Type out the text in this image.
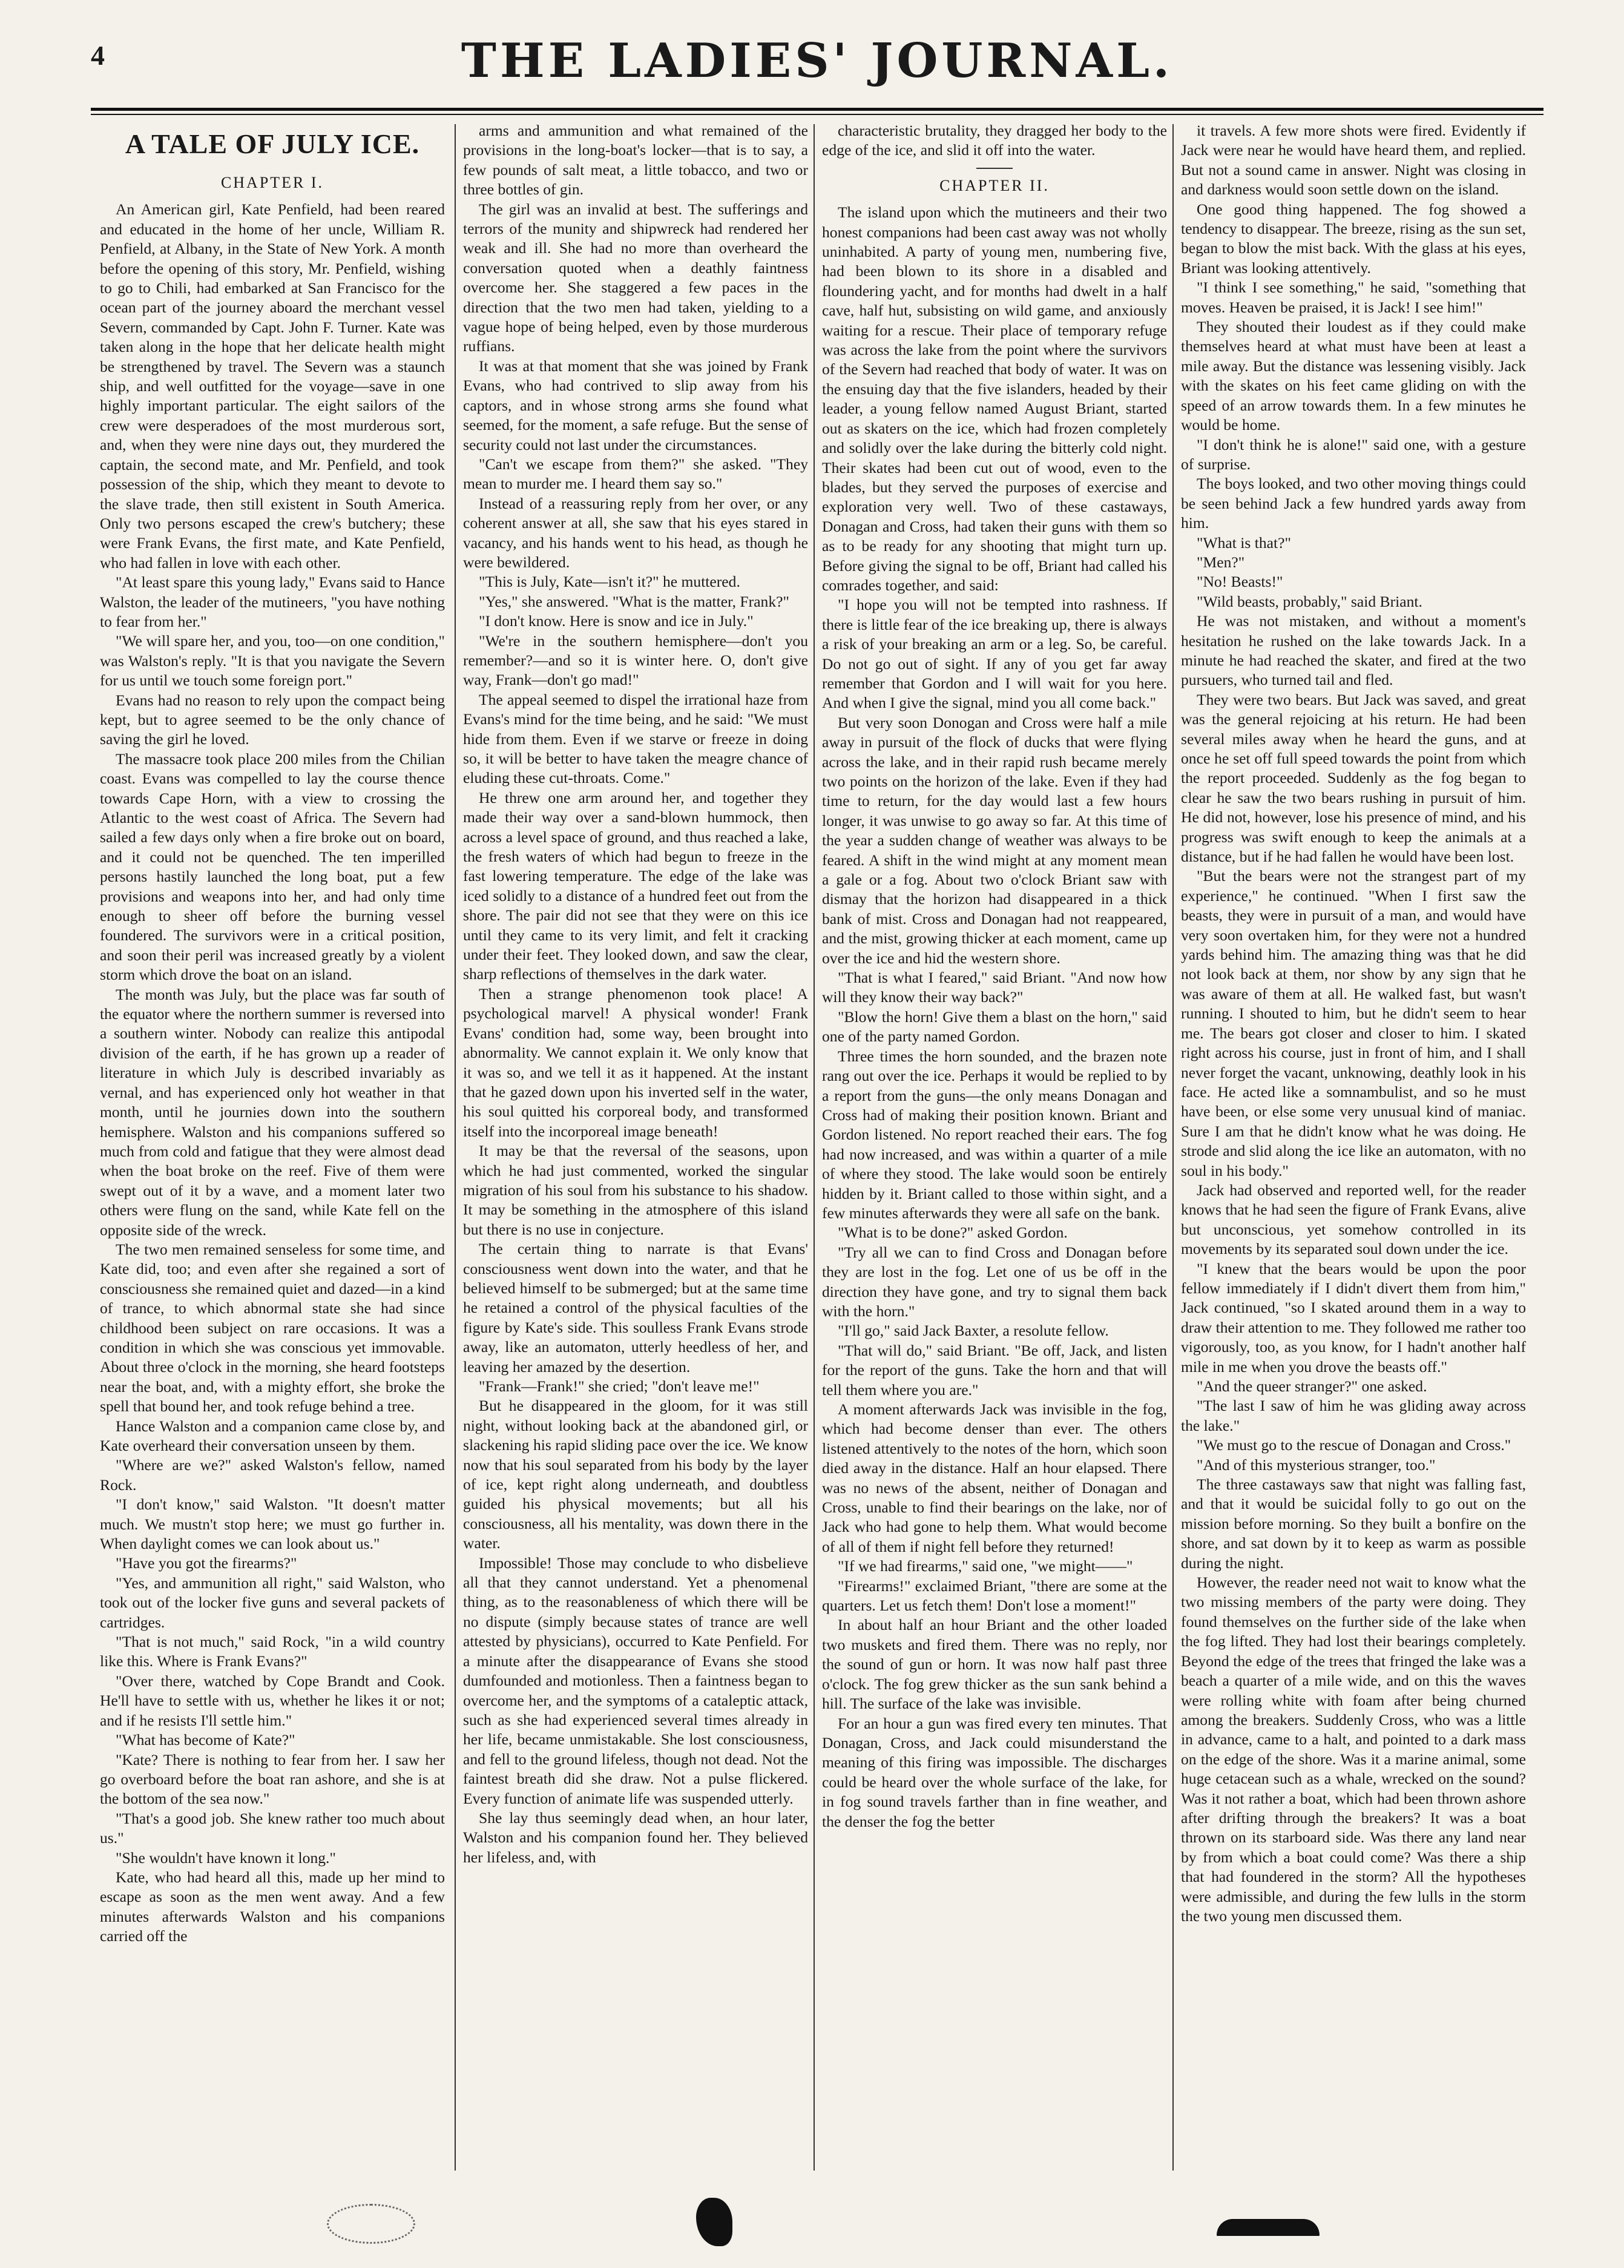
4	THE LADIES' JOURNAL.
A TALE OF JULY ICE.
CHAPTER I.

An American girl, Kate Penfield, had been reared and educated in the home of her uncle, William R. Penfield, at Albany, in the State of New York. A month before the opening of this story, Mr. Penfield, wishing to go to Chili, had embarked at San Francisco for the ocean part of the journey aboard the merchant vessel Severn, commanded by Capt. John F. Turner. Kate was taken along in the hope that her delicate health might be strengthened by travel. The Severn was a staunch ship, and well outfitted for the voyage—save in one highly important particular. The eight sailors of the crew were desperadoes of the most murderous sort, and, when they were nine days out, they murdered the captain, the second mate, and Mr. Penfield, and took possession of the ship, which they meant to devote to the slave trade, then still existent in South America. Only two persons escaped the crew's butchery; these were Frank Evans, the first mate, and Kate Penfield, who had fallen in love with each other.

"At least spare this young lady," Evans said to Hance Walston, the leader of the mutineers, "you have nothing to fear from her."

"We will spare her, and you, too—on one condition," was Walston's reply. "It is that you navigate the Severn for us until we touch some foreign port."

Evans had no reason to rely upon the compact being kept, but to agree seemed to be the only chance of saving the girl he loved.

The massacre took place 200 miles from the Chilian coast. Evans was compelled to lay the course thence towards Cape Horn, with a view to crossing the Atlantic to the west coast of Africa. The Severn had sailed a few days only when a fire broke out on board, and it could not be quenched. The ten imperilled persons hastily launched the long boat, put a few provisions and weapons into her, and had only time enough to sheer off before the burning vessel foundered. The survivors were in a critical position, and soon their peril was increased greatly by a violent storm which drove the boat on an island.

The month was July, but the place was far south of the equator where the northern summer is reversed into a southern winter. Nobody can realize this antipodal division of the earth, if he has grown up a reader of literature in which July is described invariably as vernal, and has experienced only hot weather in that month, until he journies down into the southern hemisphere. Walston and his companions suffered so much from cold and fatigue that they were almost dead when the boat broke on the reef. Five of them were swept out of it by a wave, and a moment later two others were flung on the sand, while Kate fell on the opposite side of the wreck.

The two men remained senseless for some time, and Kate did, too; and even after she regained a sort of consciousness she remained quiet and dazed—in a kind of trance, to which abnormal state she had since childhood been subject on rare occasions. It was a condition in which she was conscious yet immovable. About three o'clock in the morning, she heard footsteps near the boat, and, with a mighty effort, she broke the spell that bound her, and took refuge behind a tree.

Hance Walston and a companion came close by, and Kate overheard their conversation unseen by them.

"Where are we?" asked Walston's fellow, named Rock.

"I don't know," said Walston. "It doesn't matter much. We mustn't stop here; we must go further in. When daylight comes we can look about us."

"Have you got the firearms?"

"Yes, and ammunition all right," said Walston, who took out of the locker five guns and several packets of cartridges.

"That is not much," said Rock, "in a wild country like this. Where is Frank Evans?"

"Over there, watched by Cope Brandt and Cook. He'll have to settle with us, whether he likes it or not; and if he resists I'll settle him."

"What has become of Kate?"

"Kate? There is nothing to fear from her. I saw her go overboard before the boat ran ashore, and she is at the bottom of the sea now."

"That's a good job. She knew rather too much about us."

"She wouldn't have known it long."

Kate, who had heard all this, made up her mind to escape as soon as the men went away. And a few minutes afterwards Walston and his companions carried off the

arms and ammunition and what remained of the provisions in the long-boat's locker—that is to say, a few pounds of salt meat, a little tobacco, and two or three bottles of gin.

The girl was an invalid at best. The sufferings and terrors of the munity and shipwreck had rendered her weak and ill. She had no more than overheard the conversation quoted when a deathly faintness overcome her. She staggered a few paces in the direction that the two men had taken, yielding to a vague hope of being helped, even by those murderous ruffians.

It was at that moment that she was joined by Frank Evans, who had contrived to slip away from his captors, and in whose strong arms she found what seemed, for the moment, a safe refuge. But the sense of security could not last under the circumstances.

"Can't we escape from them?" she asked. "They mean to murder me. I heard them say so."

Instead of a reassuring reply from her over, or any coherent answer at all, she saw that his eyes stared in vacancy, and his hands went to his head, as though he were bewildered.

"This is July, Kate—isn't it?" he muttered.

"Yes," she answered. "What is the matter, Frank?"

"I don't know. Here is snow and ice in July."

"We're in the southern hemisphere—don't you remember?—and so it is winter here. O, don't give way, Frank—don't go mad!"

The appeal seemed to dispel the irrational haze from Evans's mind for the time being, and he said: "We must hide from them. Even if we starve or freeze in doing so, it will be better to have taken the meagre chance of eluding these cut-throats. Come."

He threw one arm around her, and together they made their way over a sand-blown hummock, then across a level space of ground, and thus reached a lake, the fresh waters of which had begun to freeze in the fast lowering temperature. The edge of the lake was iced solidly to a distance of a hundred feet out from the shore. The pair did not see that they were on this ice until they came to its very limit, and felt it cracking under their feet. They looked down, and saw the clear, sharp reflections of themselves in the dark water.

Then a strange phenomenon took place! A psychological marvel! A physical wonder! Frank Evans' condition had, some way, been brought into abnormality. We cannot explain it. We only know that it was so, and we tell it as it happened. At the instant that he gazed down upon his inverted self in the water, his soul quitted his corporeal body, and transformed itself into the incorporeal image beneath!

It may be that the reversal of the seasons, upon which he had just commented, worked the singular migration of his soul from his substance to his shadow. It may be something in the atmosphere of this island but there is no use in conjecture.

The certain thing to narrate is that Evans' consciousness went down into the water, and that he believed himself to be submerged; but at the same time he retained a control of the physical faculties of the figure by Kate's side. This soulless Frank Evans strode away, like an automaton, utterly heedless of her, and leaving her amazed by the desertion.

"Frank—Frank!" she cried; "don't leave me!"

But he disappeared in the gloom, for it was still night, without looking back at the abandoned girl, or slackening his rapid sliding pace over the ice. We know now that his soul separated from his body by the layer of ice, kept right along underneath, and doubtless guided his physical movements; but all his consciousness, all his mentality, was down there in the water.

Impossible! Those may conclude to who disbelieve all that they cannot understand. Yet a phenomenal thing, as to the reasonableness of which there will be no dispute (simply because states of trance are well attested by physicians), occurred to Kate Penfield. For a minute after the disappearance of Evans she stood dumfounded and motionless. Then a faintness began to overcome her, and the symptoms of a cataleptic attack, such as she had experienced several times already in her life, became unmistakable. She lost consciousness, and fell to the ground lifeless, though not dead. Not the faintest breath did she draw. Not a pulse flickered. Every function of animate life was suspended utterly.

She lay thus seemingly dead when, an hour later, Walston and his companion found her. They believed her lifeless, and, with

characteristic brutality, they dragged her body to the edge of the ice, and slid it off into the water.

CHAPTER II.

The island upon which the mutineers and their two honest companions had been cast away was not wholly uninhabited. A party of young men, numbering five, had been blown to its shore in a disabled and floundering yacht, and for months had dwelt in a half cave, half hut, subsisting on wild game, and anxiously waiting for a rescue. Their place of temporary refuge was across the lake from the point where the survivors of the Severn had reached that body of water. It was on the ensuing day that the five islanders, headed by their leader, a young fellow named August Briant, started out as skaters on the ice, which had frozen completely and solidly over the lake during the bitterly cold night. Their skates had been cut out of wood, even to the blades, but they served the purposes of exercise and exploration very well. Two of these castaways, Donagan and Cross, had taken their guns with them so as to be ready for any shooting that might turn up. Before giving the signal to be off, Briant had called his comrades together, and said:

"I hope you will not be tempted into rashness. If there is little fear of the ice breaking up, there is always a risk of your breaking an arm or a leg. So, be careful. Do not go out of sight. If any of you get far away remember that Gordon and I will wait for you here. And when I give the signal, mind you all come back."

But very soon Donogan and Cross were half a mile away in pursuit of the flock of ducks that were flying across the lake, and in their rapid rush became merely two points on the horizon of the lake. Even if they had time to return, for the day would last a few hours longer, it was unwise to go away so far. At this time of the year a sudden change of weather was always to be feared. A shift in the wind might at any moment mean a gale or a fog. About two o'clock Briant saw with dismay that the horizon had disappeared in a thick bank of mist. Cross and Donagan had not reappeared, and the mist, growing thicker at each moment, came up over the ice and hid the western shore.

"That is what I feared," said Briant. "And now how will they know their way back?"

"Blow the horn! Give them a blast on the horn," said one of the party named Gordon.

Three times the horn sounded, and the brazen note rang out over the ice. Perhaps it would be replied to by a report from the guns—the only means Donagan and Cross had of making their position known. Briant and Gordon listened. No report reached their ears. The fog had now increased, and was within a quarter of a mile of where they stood. The lake would soon be entirely hidden by it. Briant called to those within sight, and a few minutes afterwards they were all safe on the bank.

"What is to be done?" asked Gordon.

"Try all we can to find Cross and Donagan before they are lost in the fog. Let one of us be off in the direction they have gone, and try to signal them back with the horn."

"I'll go," said Jack Baxter, a resolute fellow.

"That will do," said Briant. "Be off, Jack, and listen for the report of the guns. Take the horn and that will tell them where you are."

A moment afterwards Jack was invisible in the fog, which had become denser than ever. The others listened attentively to the notes of the horn, which soon died away in the distance. Half an hour elapsed. There was no news of the absent, neither of Donagan and Cross, unable to find their bearings on the lake, nor of Jack who had gone to help them. What would become of all of them if night fell before they returned!

"If we had firearms," said one, "we might——"

"Firearms!" exclaimed Briant, "there are some at the quarters. Let us fetch them! Don't lose a moment!"

In about half an hour Briant and the other loaded two muskets and fired them. There was no reply, nor the sound of gun or horn. It was now half past three o'clock. The fog grew thicker as the sun sank behind a hill. The surface of the lake was invisible.

For an hour a gun was fired every ten minutes. That Donagan, Cross, and Jack could misunderstand the meaning of this firing was impossible. The discharges could be heard over the whole surface of the lake, for in fog sound travels farther than in fine weather, and the denser the fog the better

it travels. A few more shots were fired. Evidently if Jack were near he would have heard them, and replied. But not a sound came in answer. Night was closing in and darkness would soon settle down on the island.

One good thing happened. The fog showed a tendency to disappear. The breeze, rising as the sun set, began to blow the mist back. With the glass at his eyes, Briant was looking attentively.

"I think I see something," he said, "something that moves. Heaven be praised, it is Jack! I see him!"

They shouted their loudest as if they could make themselves heard at what must have been at least a mile away. But the distance was lessening visibly. Jack with the skates on his feet came gliding on with the speed of an arrow towards them. In a few minutes he would be home.

"I don't think he is alone!" said one, with a gesture of surprise.

The boys looked, and two other moving things could be seen behind Jack a few hundred yards away from him.

"What is that?"

"Men?"

"No! Beasts!"

"Wild beasts, probably," said Briant.

He was not mistaken, and without a moment's hesitation he rushed on the lake towards Jack. In a minute he had reached the skater, and fired at the two pursuers, who turned tail and fled.

They were two bears. But Jack was saved, and great was the general rejoicing at his return. He had been several miles away when he heard the guns, and at once he set off full speed towards the point from which the report proceeded. Suddenly as the fog began to clear he saw the two bears rushing in pursuit of him. He did not, however, lose his presence of mind, and his progress was swift enough to keep the animals at a distance, but if he had fallen he would have been lost.

"But the bears were not the strangest part of my experience," he continued. "When I first saw the beasts, they were in pursuit of a man, and would have very soon overtaken him, for they were not a hundred yards behind him. The amazing thing was that he did not look back at them, nor show by any sign that he was aware of them at all. He walked fast, but wasn't running. I shouted to him, but he didn't seem to hear me. The bears got closer and closer to him. I skated right across his course, just in front of him, and I shall never forget the vacant, unknowing, deathly look in his face. He acted like a somnambulist, and so he must have been, or else some very unusual kind of maniac. Sure I am that he didn't know what he was doing. He strode and slid along the ice like an automaton, with no soul in his body."

Jack had observed and reported well, for the reader knows that he had seen the figure of Frank Evans, alive but unconscious, yet somehow controlled in its movements by its separated soul down under the ice.

"I knew that the bears would be upon the poor fellow immediately if I didn't divert them from him," Jack continued, "so I skated around them in a way to draw their attention to me. They followed me rather too vigorously, too, as you know, for I hadn't another half mile in me when you drove the beasts off."

"And the queer stranger?" one asked.

"The last I saw of him he was gliding away across the lake."

"We must go to the rescue of Donagan and Cross."

"And of this mysterious stranger, too."

The three castaways saw that night was falling fast, and that it would be suicidal folly to go out on the mission before morning. So they built a bonfire on the shore, and sat down by it to keep as warm as possible during the night.

However, the reader need not wait to know what the two missing members of the party were doing. They found themselves on the further side of the lake when the fog lifted. They had lost their bearings completely. Beyond the edge of the trees that fringed the lake was a beach a quarter of a mile wide, and on this the waves were rolling white with foam after being churned among the breakers. Suddenly Cross, who was a little in advance, came to a halt, and pointed to a dark mass on the edge of the shore. Was it a marine animal, some huge cetacean such as a whale, wrecked on the sound? Was it not rather a boat, which had been thrown ashore after drifting through the breakers? It was a boat thrown on its starboard side. Was there any land near by from which a boat could come? Was there a ship that had foundered in the storm? All the hypotheses were admissible, and during the few lulls in the storm the two young men discussed them.
